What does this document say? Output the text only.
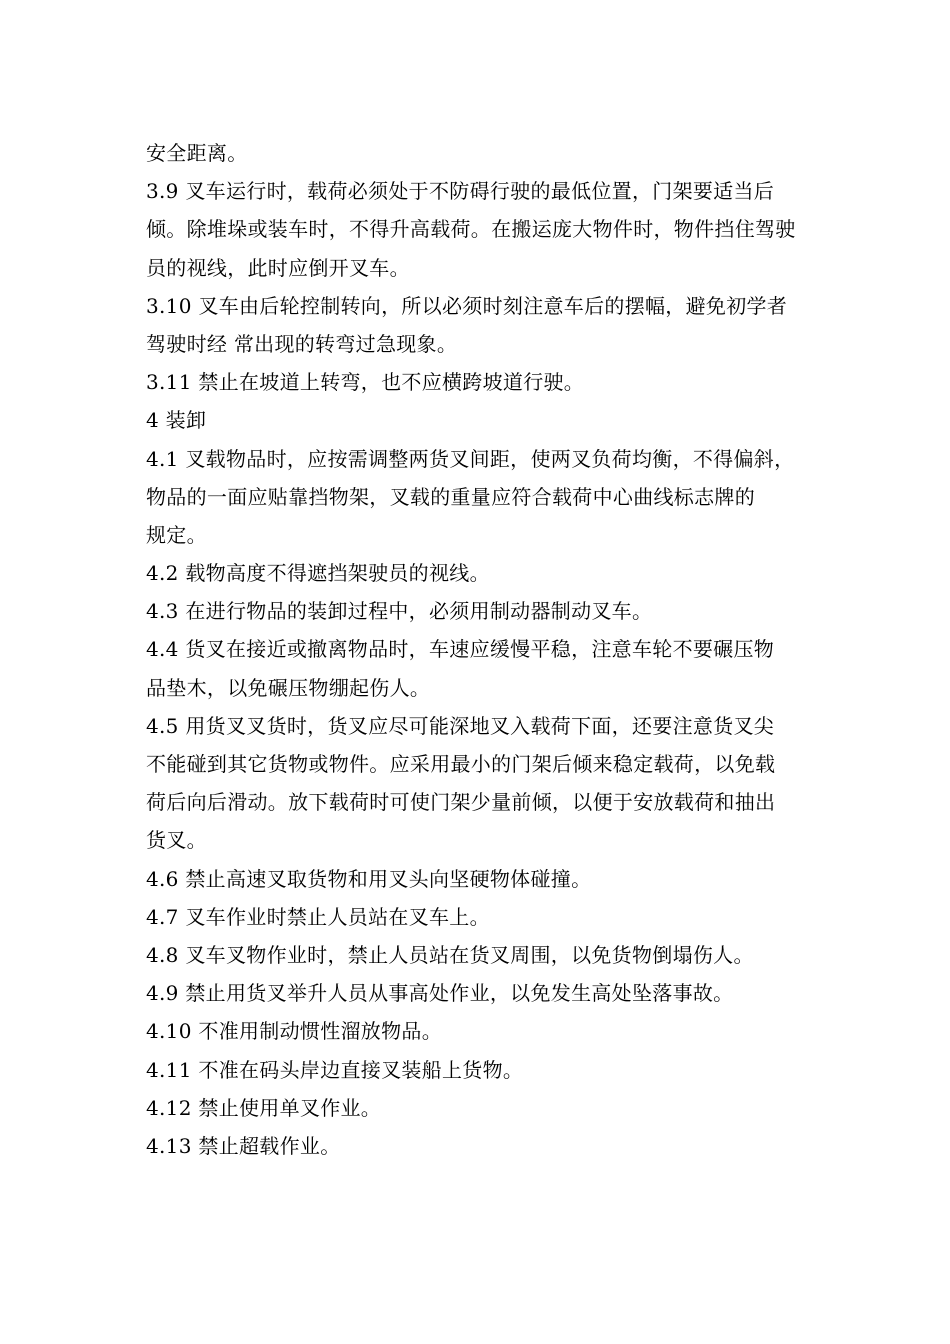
安全距离。
3.9 叉车运行时，载荷必须处于不防碍行驶的最低位置，门架要适当后
倾。除堆垛或装车时，不得升高载荷。在搬运庞大物件时，物件挡住驾驶
员的视线，此时应倒开叉车。
3.10 叉车由后轮控制转向，所以必须时刻注意车后的摆幅，避免初学者
驾驶时经 常出现的转弯过急现象。
3.11 禁止在坡道上转弯，也不应横跨坡道行驶。
4 装卸
4.1 叉载物品时，应按需调整两货叉间距，使两叉负荷均衡，不得偏斜，
物品的一面应贴靠挡物架，叉载的重量应符合载荷中心曲线标志牌的
规定。
4.2 载物高度不得遮挡架驶员的视线。
4.3 在进行物品的装卸过程中，必须用制动器制动叉车。
4.4 货叉在接近或撤离物品时，车速应缓慢平稳，注意车轮不要碾压物
品垫木，以免碾压物绷起伤人。
4.5 用货叉叉货时，货叉应尽可能深地叉入载荷下面，还要注意货叉尖
不能碰到其它货物或物件。应采用最小的门架后倾来稳定载荷，以免载
荷后向后滑动。放下载荷时可使门架少量前倾，以便于安放载荷和抽出
货叉。
4.6 禁止高速叉取货物和用叉头向坚硬物体碰撞。
4.7 叉车作业时禁止人员站在叉车上。
4.8 叉车叉物作业时，禁止人员站在货叉周围，以免货物倒塌伤人。
4.9 禁止用货叉举升人员从事高处作业，以免发生高处坠落事故。
4.10 不准用制动惯性溜放物品。
4.11 不准在码头岸边直接叉装船上货物。
4.12 禁止使用单叉作业。
4.13 禁止超载作业。
